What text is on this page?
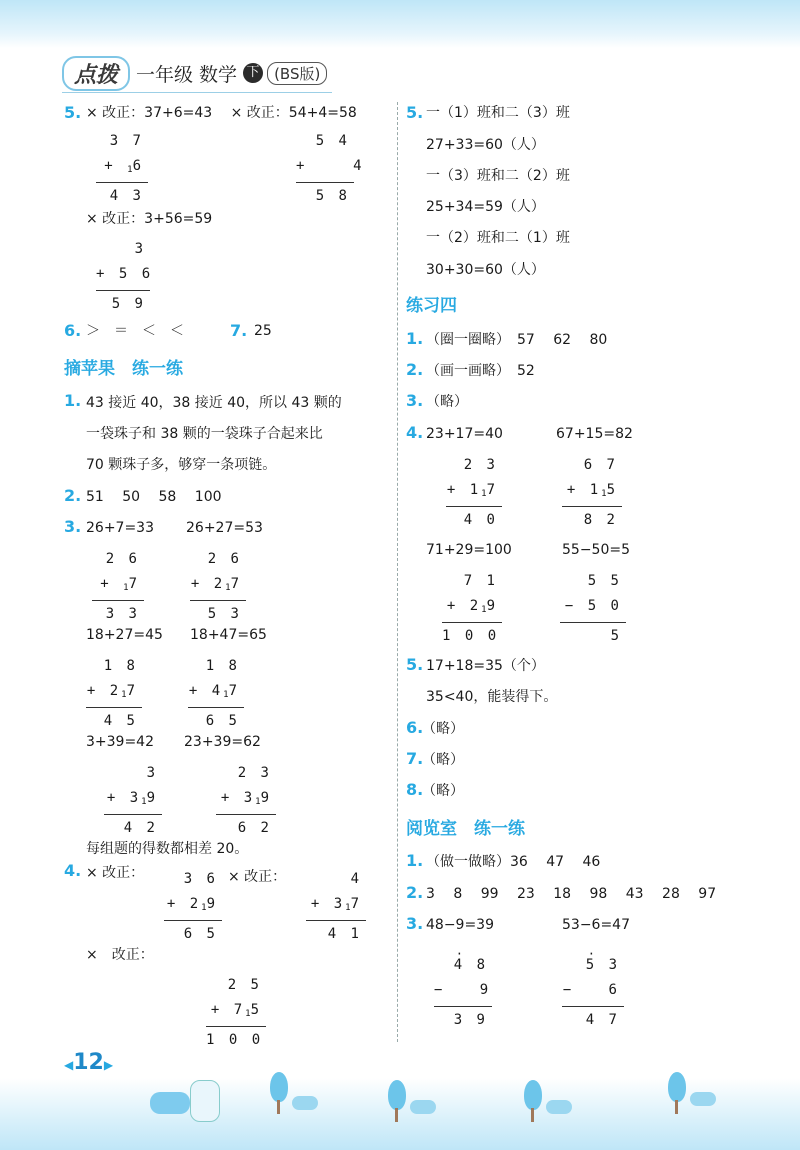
点拨 一年级 数学 下 (BS版)
5. × 改正：37+6=43　 × 改正：54+4=58
3 7
+ $_1$6
4 3
5 4
+    4
5 8
× 改正：3+56=59
3
+ 5 6
5 9
6. ＞　＝　＜　＜	7. 25
摘苹果　练一练
1. 43 接近 40，38 接近 40，所以 43 颗的
一袋珠子和 38 颗的一袋珠子合起来比
70 颗珠子多，够穿一条项链。
2. 51　 50　 58　 100
3. 26+7=33 26+27=53
2 6
+ $_1$7
3 3
2 6
+ $2_17$
5 3
18+27=45 18+47=65
1 8
+ $2_17$
4 5
1 8
+ $4_17$
6 5
3+39=42 23+39=62
3
+ $3_19$
4 2
2 3
+ $3_19$
6 2
每组题的得数都相差 20。
4. × 改正：	3 6
+ $2_19$
6 5
× 改正：	4
+ $3_17$
4 1
×　改正：
2 5
+ $7_15$
1 0 0
5. 一（1）班和二（3）班
27+33=60（人）
一（3）班和二（2）班
25+34=59（人）
一（2）班和二（1）班
30+30=60（人）
练习四
1. （圈一圈略）　57　 62　 80
2. （画一画略）　52
3. （略）
4. 23+17=40	67+15=82
2 3
+ $1_17$
4 0
6 7
+ $1_15$
8 2
71+29=100	55−50=5
7 1
+ $2_19$
1 0 0
5 5
− 5 0
5
5. 17+18=35（个）
35<40，能装得下。
6.
（略）
7.
（略）
8.
（略）
阅览室　练一练
1. （做一做略）36　 47　 46
2. 3　 8　 99　 23　 18　 98　 43　 28　 97
3. 48−9=39	53−6=47
· 4 8
−   9
3 9
· 5 3
−   6
4 7
◀12▶
